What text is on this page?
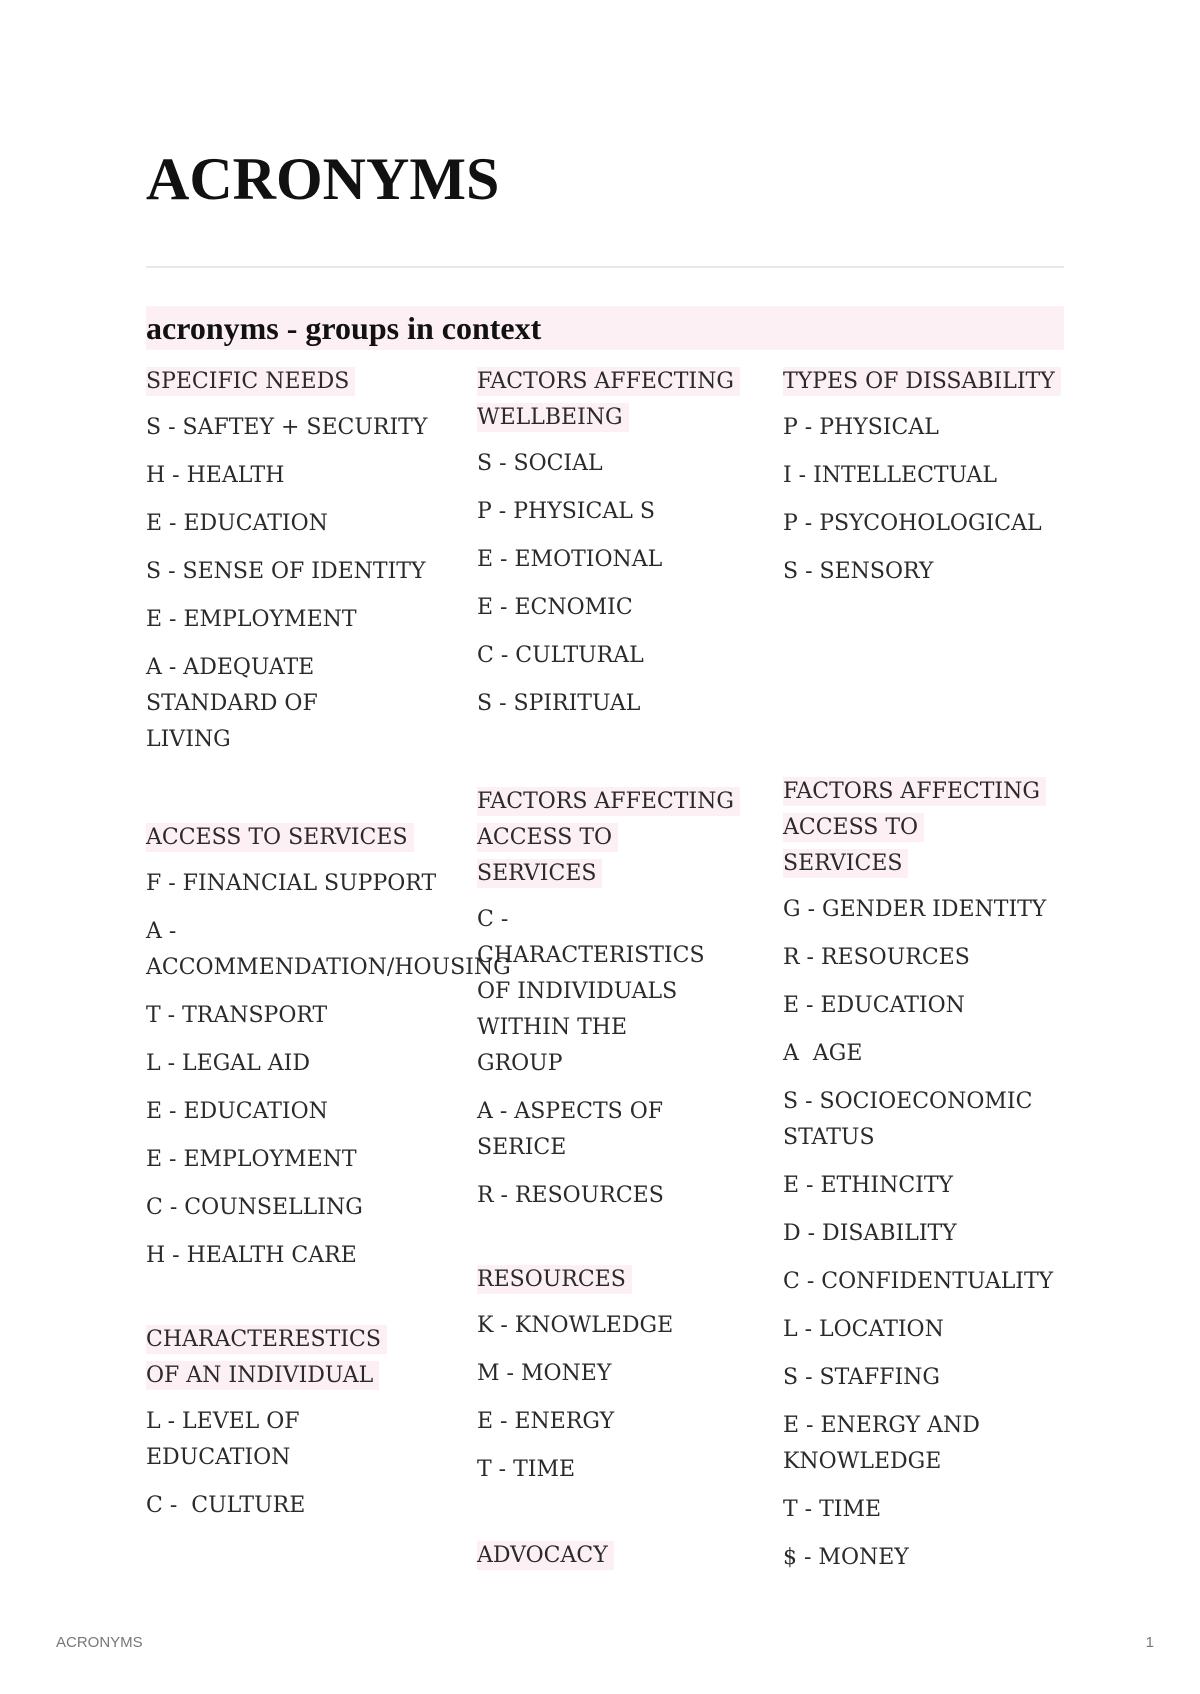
ACRONYMS
acronyms - groups in context
SPECIFIC NEEDS
S - SAFTEY + SECURITY
H - HEALTH
E - EDUCATION
S - SENSE OF IDENTITY
E - EMPLOYMENT
A - ADEQUATE STANDARD OF LIVING
ACCESS TO SERVICES
F - FINANCIAL SUPPORT
A - ACCOMMENDATION/HOUSING
T - TRANSPORT
L - LEGAL AID
E - EDUCATION
E - EMPLOYMENT
C - COUNSELLING
H - HEALTH CARE
CHARACTERESTICS OF AN INDIVIDUAL
L - LEVEL OF EDUCATION
C -  CULTURE
FACTORS AFFECTING WELLBEING
S - SOCIAL
P - PHYSICAL S
E - EMOTIONAL
E - ECNOMIC
C - CULTURAL
S - SPIRITUAL
FACTORS AFFECTING ACCESS TO SERVICES
C - CHARACTERISTICS OF INDIVIDUALS WITHIN THE GROUP
A - ASPECTS OF SERICE
R - RESOURCES
RESOURCES
K - KNOWLEDGE
M - MONEY
E - ENERGY
T - TIME
ADVOCACY
TYPES OF DISSABILITY
P - PHYSICAL
I - INTELLECTUAL
P - PSYCOHOLOGICAL
S - SENSORY
FACTORS AFFECTING ACCESS TO SERVICES
G - GENDER IDENTITY
R - RESOURCES
E - EDUCATION
A  AGE
S - SOCIOECONOMIC STATUS
E - ETHINCITY
D - DISABILITY
C - CONFIDENTUALITY
L - LOCATION
S - STAFFING
E - ENERGY AND KNOWLEDGE
T - TIME
$ - MONEY
ACRONYMS	1
